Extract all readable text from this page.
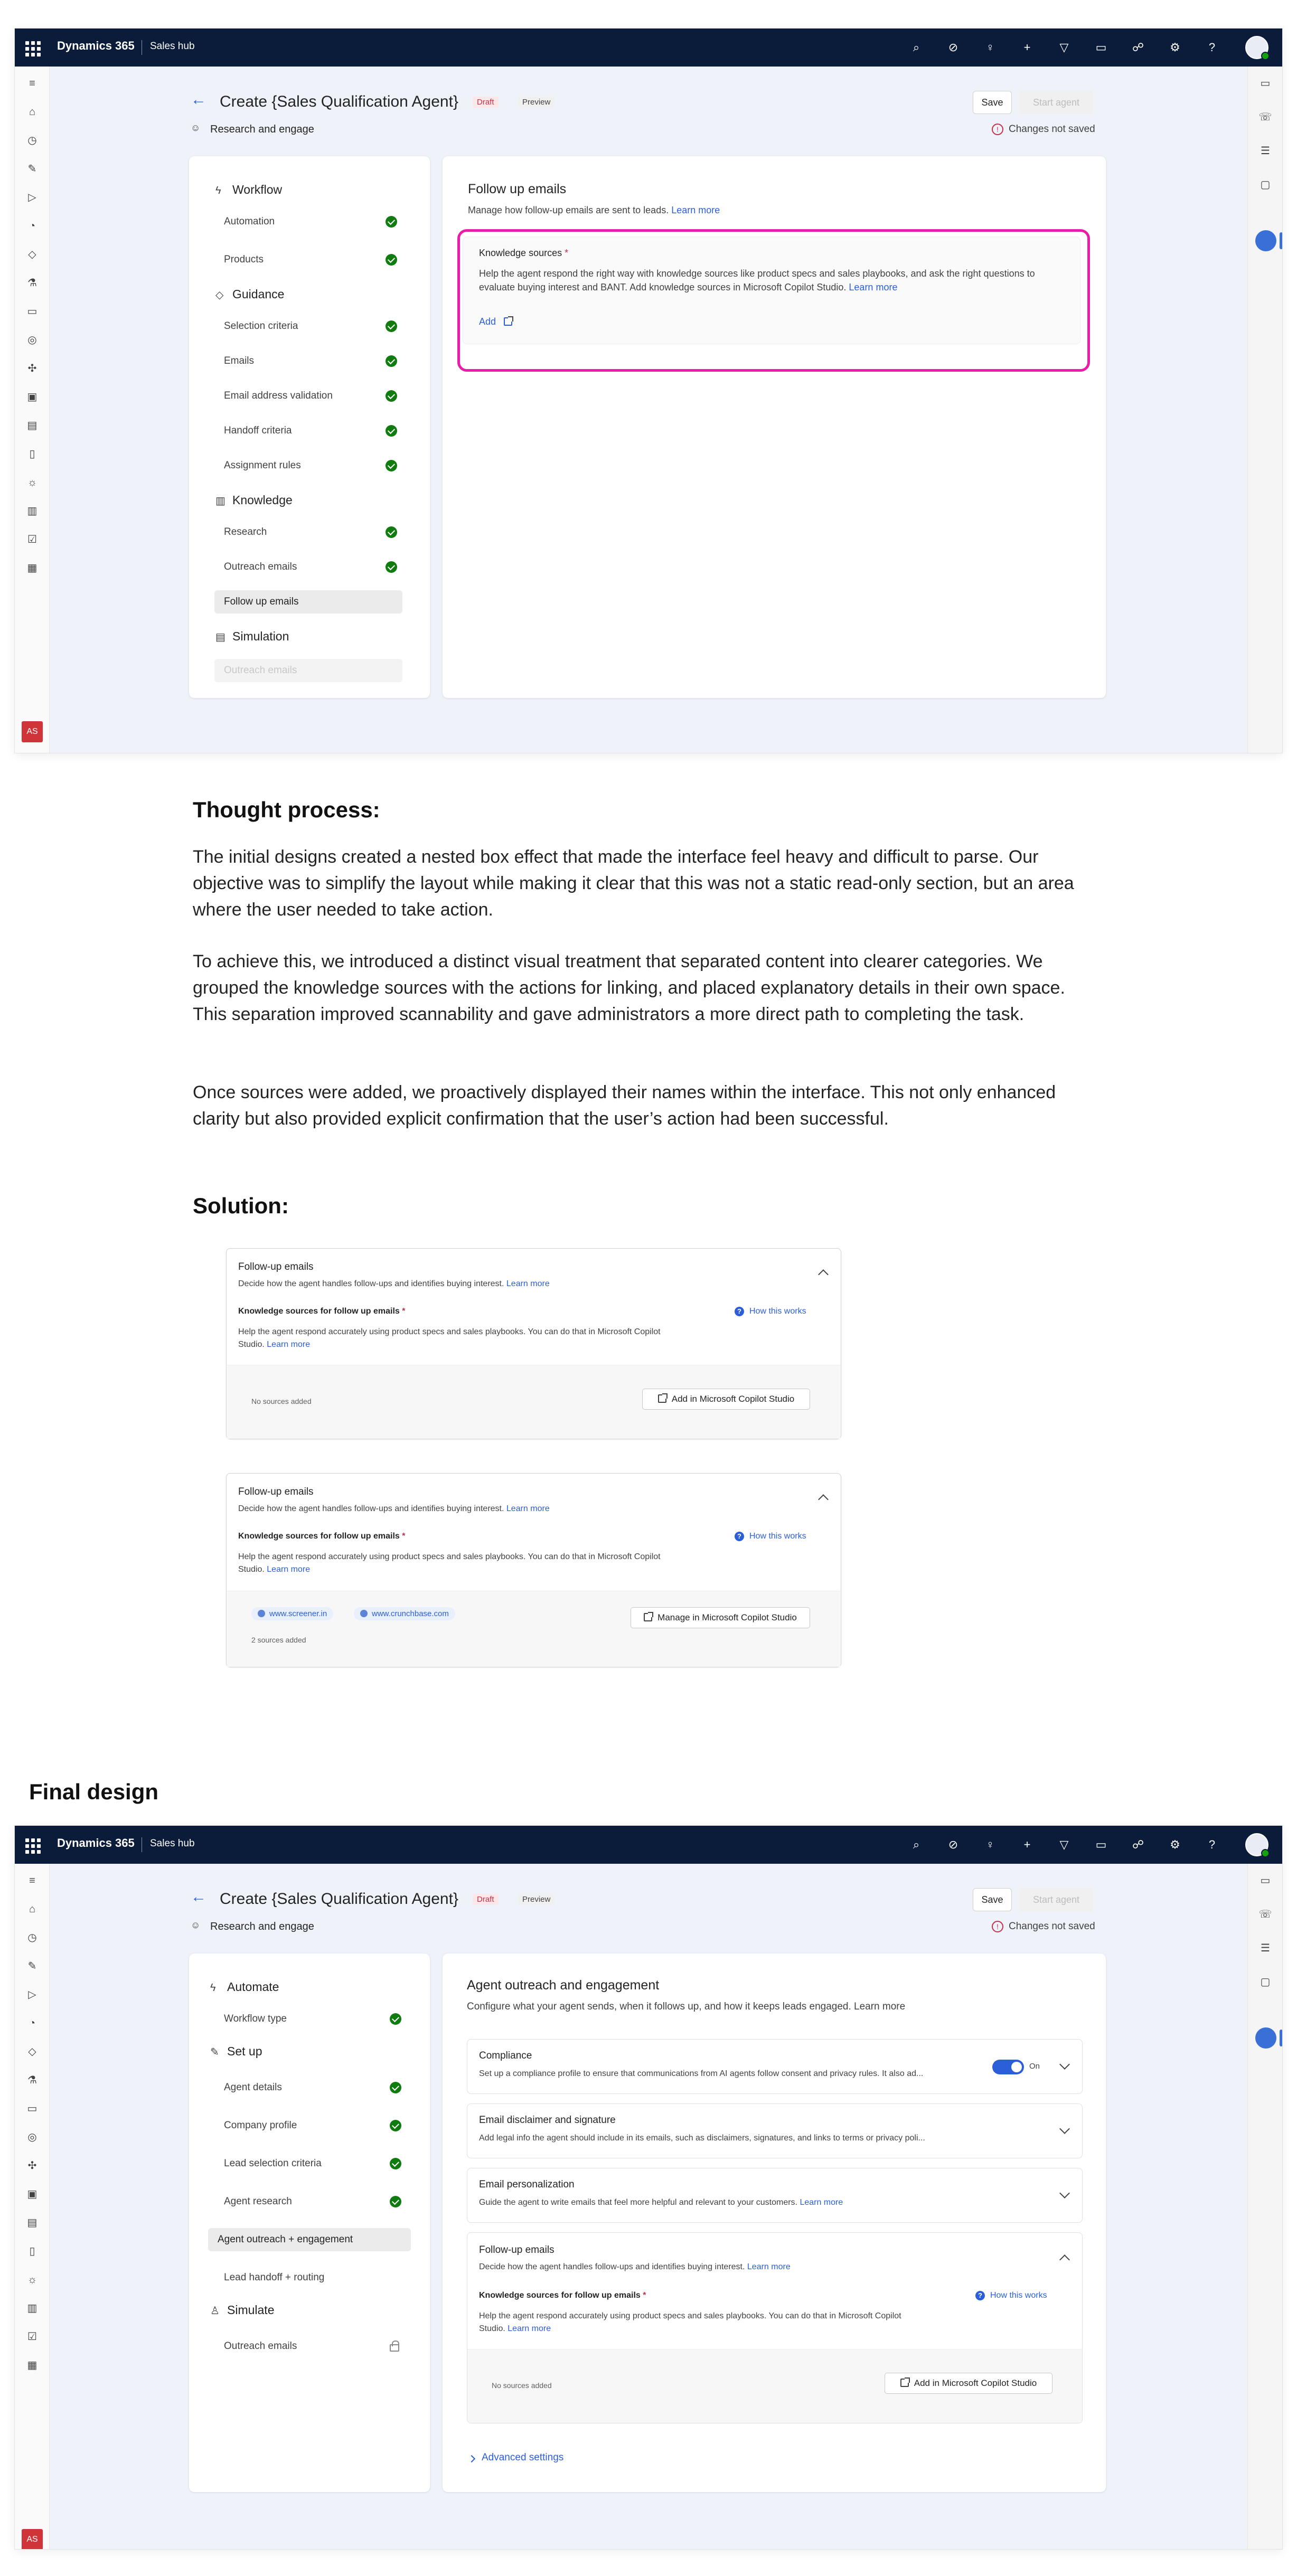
Dynamics 365 Sales hub	⌕	⊘ ♀	+	▽ ▭ ☍ ⚙	?
≡
⌂
◷
✎
▷
◔
◇
⚗
▭
◎
✣
▣
▤
▯
☼
▥
☑
▦
AS
▭
☏
☰
▢
← Create {Sales Qualification Agent}	Draft	Preview
☺ Research and engage
Save	Start agent
! Changes not saved
ϟ Workflow
Automation
Products
◇ Guidance
Selection criteria
Emails
Email address validation
Handoff criteria
Assignment rules
▥ Knowledge
Research
Outreach emails
Follow up emails
▤ Simulation
Outreach emails
Follow up emails
Manage how follow-up emails are sent to leads. Learn more
Knowledge sources *
Help the agent respond the right way with knowledge sources like product specs and sales playbooks, and ask the right questions to evaluate buying interest and BANT. Add knowledge sources in Microsoft Copilot Studio. Learn more
Add
Thought process:
The initial designs created a nested box effect that made the interface feel heavy and difficult to parse. Our objective was to simplify the layout while making it clear that this was not a static read-only section, but an area where the user needed to take action.
To achieve this, we introduced a distinct visual treatment that separated content into clearer categories. We grouped the knowledge sources with the actions for linking, and placed explanatory details in their own space. This separation improved scannability and gave administrators a more direct path to completing the task.
Once sources were added, we proactively displayed their names within the interface. This not only enhanced clarity but also provided explicit confirmation that the user’s action had been successful.
Solution:
Follow-up emails
Decide how the agent handles follow-ups and identifies buying interest. Learn more
Knowledge sources for follow up emails *	? How this works
Help the agent respond accurately using product specs and sales playbooks. You can do that in Microsoft Copilot Studio. Learn more
No sources added	Add in Microsoft Copilot Studio
Follow-up emails
Decide how the agent handles follow-ups and identifies buying interest. Learn more
Knowledge sources for follow up emails *	? How this works
Help the agent respond accurately using product specs and sales playbooks. You can do that in Microsoft Copilot Studio. Learn more
www.screener.in	www.crunchbase.com
2 sources added
Manage in Microsoft Copilot Studio
Final design
Dynamics 365 Sales hub	⌕	⊘ ♀	+	▽ ▭ ☍ ⚙	?
≡
⌂
◷
✎
▷
◔
◇
⚗
▭
◎
✣
▣
▤
▯
☼
▥
☑
▦
AS
▭
☏
☰
▢
← Create {Sales Qualification Agent}	Draft	Preview
☺ Research and engage
Save	Start agent
! Changes not saved
ϟ Automate
Workflow type
✎ Set up
Agent details
Company profile
Lead selection criteria
Agent research
Agent outreach + engagement
Lead handoff + routing
♙ Simulate
Outreach emails
Agent outreach and engagement
Configure what your agent sends, when it follows up, and how it keeps leads engaged. Learn more
Compliance
Set up a compliance profile to ensure that communications from AI agents follow consent and privacy rules. It also ad...
On
Email disclaimer and signature
Add legal info the agent should include in its emails, such as disclaimers, signatures, and links to terms or privacy poli...
Email personalization
Guide the agent to write emails that feel more helpful and relevant to your customers. Learn more
Follow-up emails
Decide how the agent handles follow-ups and identifies buying interest. Learn more
Knowledge sources for follow up emails *	? How this works
Help the agent respond accurately using product specs and sales playbooks. You can do that in Microsoft Copilot Studio. Learn more
No sources added	Add in Microsoft Copilot Studio
Advanced settings
